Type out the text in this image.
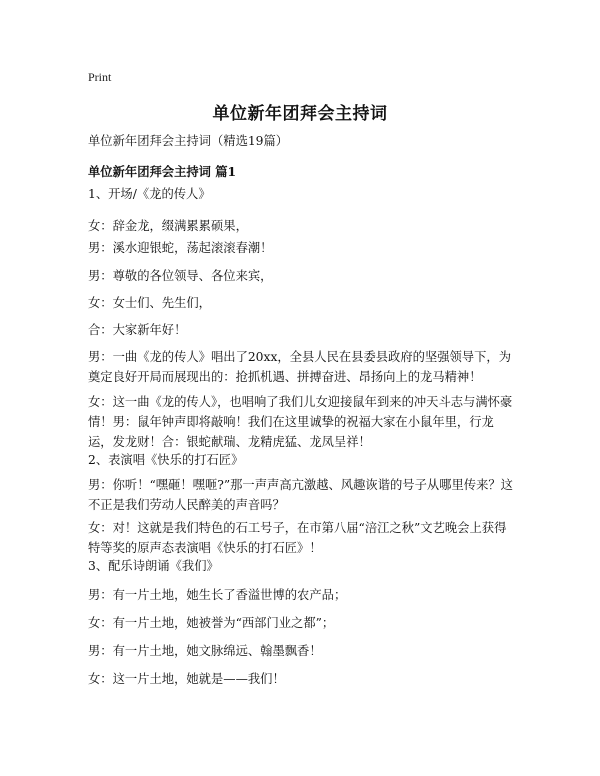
Print
单位新年团拜会主持词
单位新年团拜会主持词（精选19篇）
单位新年团拜会主持词 篇1
1、开场/《龙的传人》
女：辞金龙，缀满累累硕果，
男：溪水迎银蛇，荡起滚滚春潮！
男：尊敬的各位领导、各位来宾，
女：女士们、先生们，
合：大家新年好！
男：一曲《龙的传人》唱出了20xx，全县人民在县委县政府的坚强领导下，为奠定良好开局而展现出的：抢抓机遇、拼搏奋进、昂扬向上的龙马精神！
女：这一曲《龙的传人》，也唱响了我们儿女迎接鼠年到来的冲天斗志与满怀豪情！男：鼠年钟声即将敲响！我们在这里诚挚的祝福大家在小鼠年里，行龙运，发龙财！合：银蛇献瑞、龙精虎猛、龙凤呈祥！
2、表演唱《快乐的打石匠》
男：你听！“嘿砸！嘿咂?”那一声声高亢激越、风趣诙谐的号子从哪里传来？这不正是我们劳动人民醉美的声音吗？
女：对！这就是我们特色的石工号子，在市第八届“涪江之秋”文艺晚会上获得特等奖的原声态表演唱《快乐的打石匠》！
3、配乐诗朗诵《我们》
男：有一片土地，她生长了香溢世博的农产品；
女：有一片土地，她被誉为“西部门业之都”；
男：有一片土地，她文脉绵远、翰墨飘香！
女：这一片土地，她就是——我们！
